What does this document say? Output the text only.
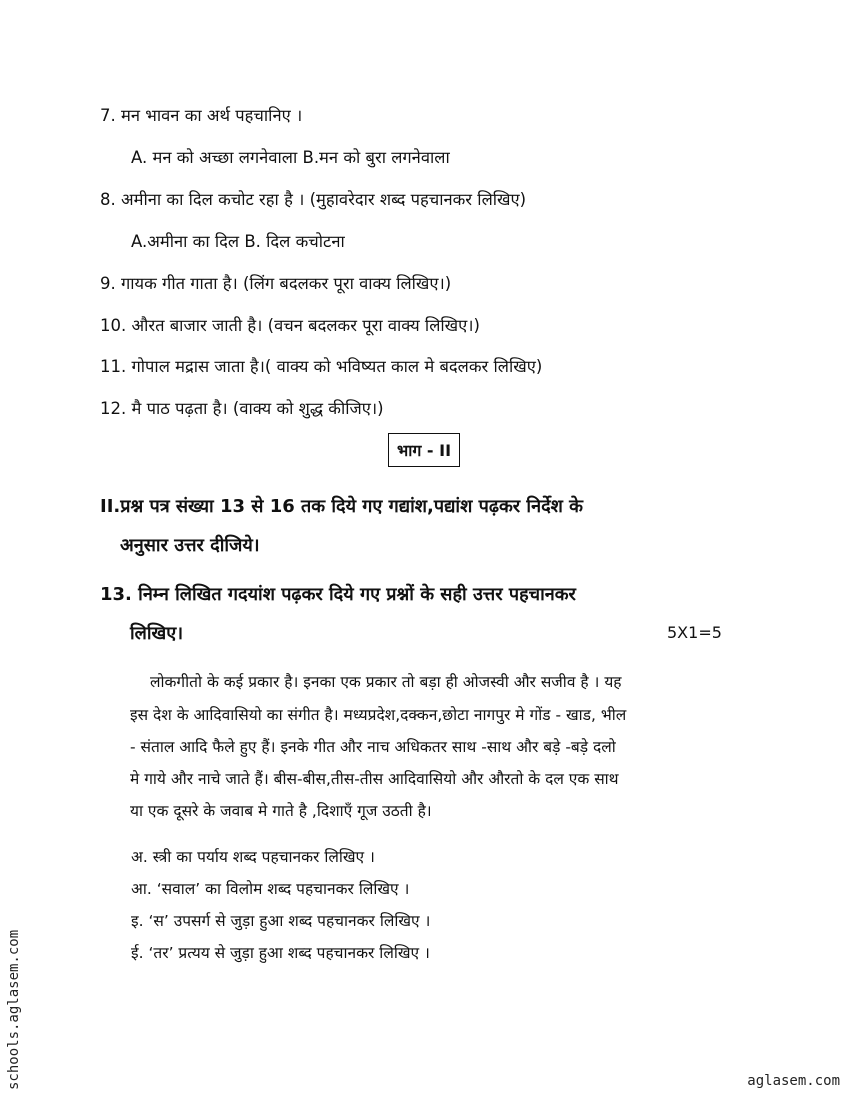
7. मन भावन का अर्थ पहचानिए ।
A. मन को अच्छा लगनेवाला B.मन को बुरा लगनेवाला
8. अमीना का दिल कचोट रहा है । (मुहावरेदार शब्द पहचानकर लिखिए)
A.अमीना का दिल B. दिल कचोटना
9. गायक गीत गाता है। (लिंग बदलकर पूरा वाक्य लिखिए।)
10. औरत बाजार जाती है। (वचन बदलकर पूरा वाक्य लिखिए।)
11. गोपाल मद्रास जाता है।( वाक्य को भविष्यत काल मे बदलकर लिखिए)
12. मै पाठ पढ़ता है। (वाक्य को शुद्ध कीजिए।)
भाग - II
II.प्रश्न पत्र संख्या 13 से 16 तक दिये गए गद्यांश,पद्यांश पढ़कर निर्देश के
अनुसार उत्तर दीजिये।
13. निम्न लिखित गदयांश पढ़कर दिये गए प्रश्नों के सही उत्तर पहचानकर
लिखिए।	5X1=5
लोकगीतो के कई प्रकार है। इनका एक प्रकार तो बड़ा ही ओजस्वी और सजीव है । यह
इस देश के आदिवासियो का संगीत है। मध्यप्रदेश,दक्कन,छोटा नागपुर मे गोंड - खाड, भील
- संताल आदि फैले हुए हैं। इनके गीत और नाच अधिकतर साथ -साथ और बड़े -बड़े दलो
मे गाये और नाचे जाते हैं। बीस-बीस,तीस-तीस आदिवासियो और औरतो के दल एक साथ
या एक दूसरे के जवाब मे गाते है ,दिशाएँ गूज उठती है।
अ. स्त्री का पर्याय शब्द पहचानकर लिखिए ।
आ. ‘सवाल’ का विलोम शब्द पहचानकर लिखिए ।
इ. ‘स’ उपसर्ग से जुड़ा हुआ शब्द पहचानकर लिखिए ।
ई. ‘तर’ प्रत्यय से जुड़ा हुआ शब्द पहचानकर लिखिए ।
schools.aglasem.com	aglasem.com
